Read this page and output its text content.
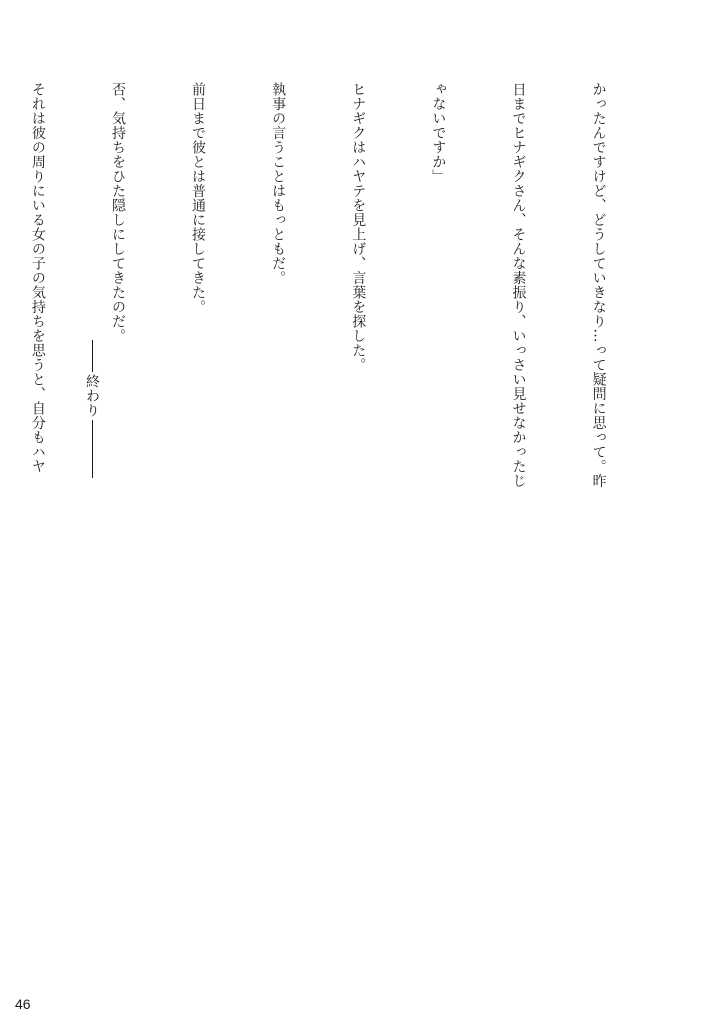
かったんですけど、どうしていきなり…って疑問に思って。昨

日までヒナギクさん、そんな素振り、いっさい見せなかったじ

ゃないですか」

ヒナギクはハヤテを見上げ、言葉を探した。

執事の言うことはもっともだ。

前日まで彼とは普通に接してきた。

否、気持ちをひた隠しにしてきたのだ。

それは彼の周りにいる女の子の気持ちを思うと、自分もハヤ

	終わり
46
